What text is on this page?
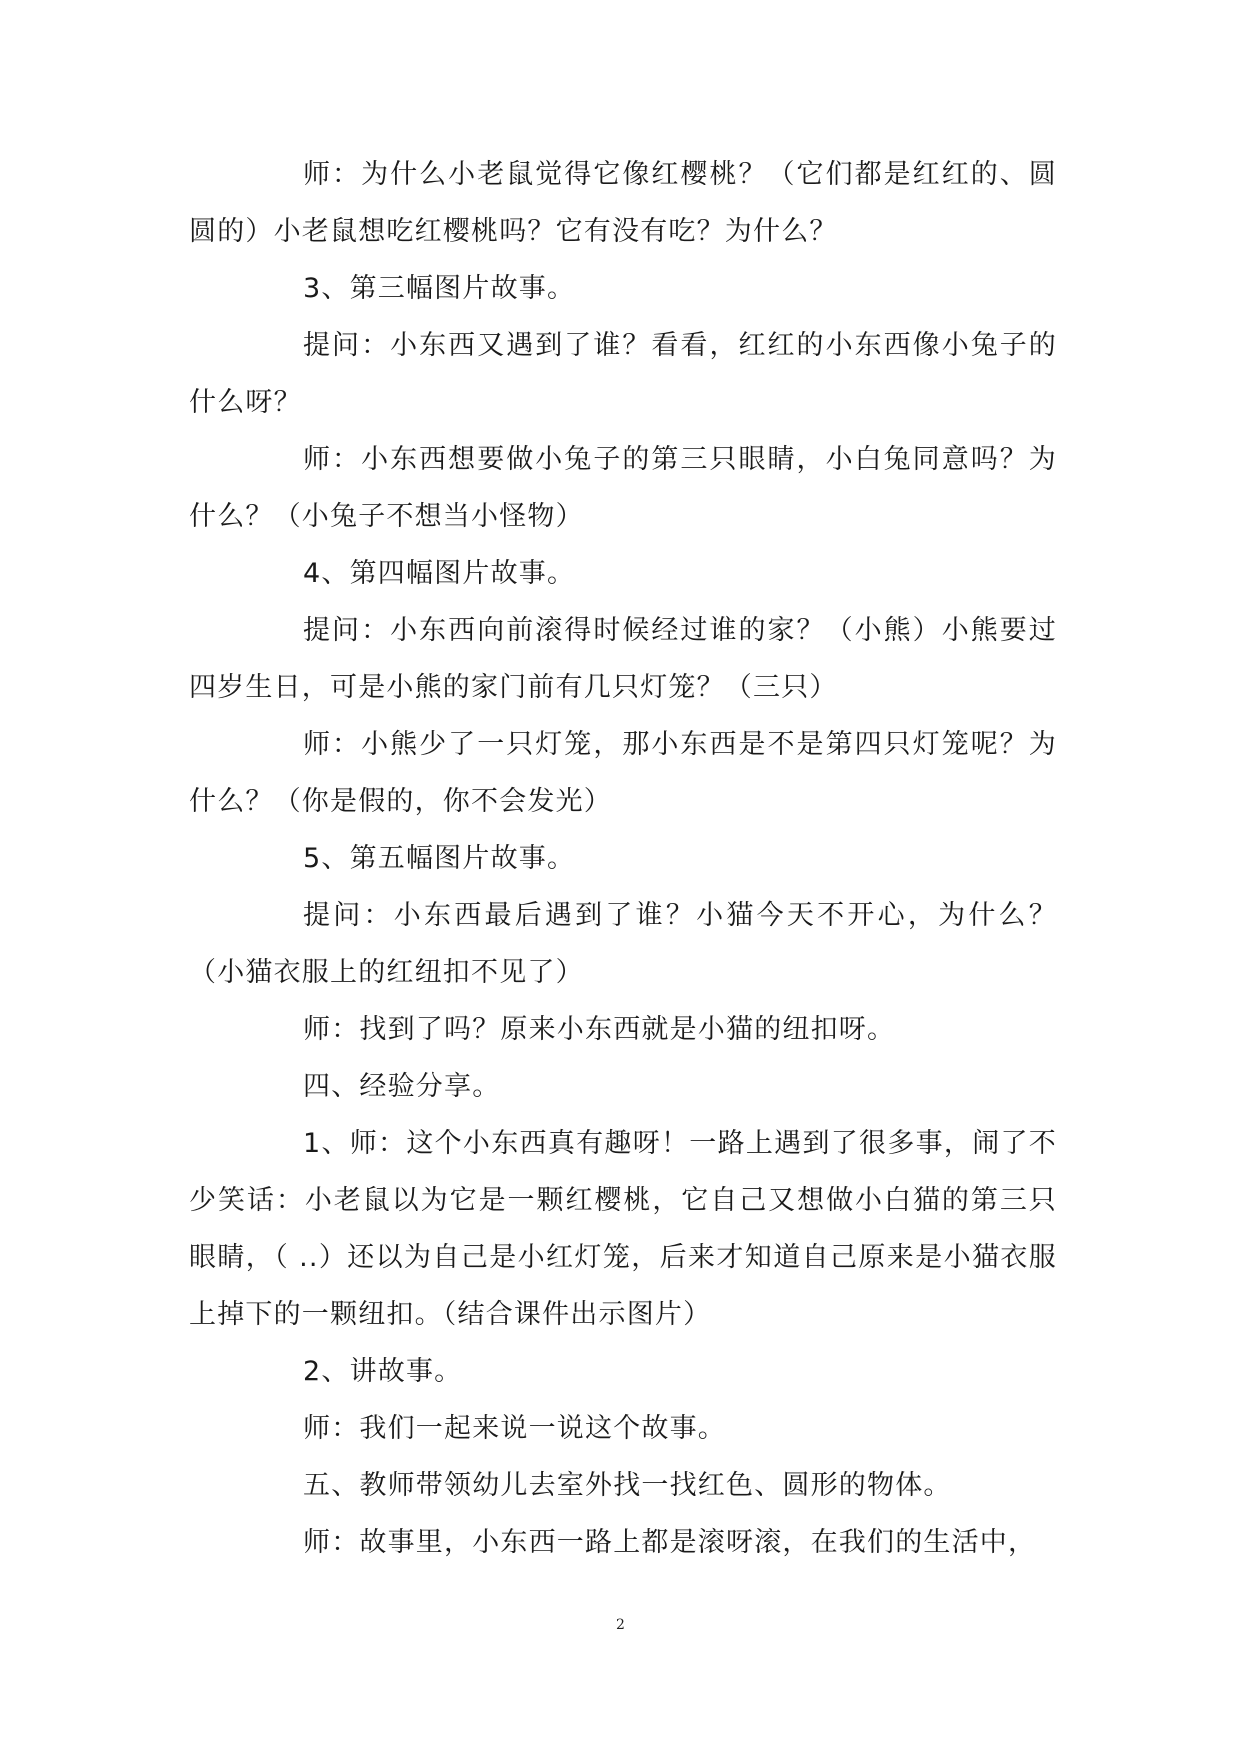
师：为什么小老鼠觉得它像红樱桃？（它们都是红红的、圆圆的）小老鼠想吃红樱桃吗？它有没有吃？为什么？

3、第三幅图片故事。

提问：小东西又遇到了谁？看看，红红的小东西像小兔子的什么呀？

师：小东西想要做小兔子的第三只眼睛，小白兔同意吗？为什么？（小兔子不想当小怪物）

4、第四幅图片故事。

提问：小东西向前滚得时候经过谁的家？（小熊）小熊要过四岁生日，可是小熊的家门前有几只灯笼？（三只）

师：小熊少了一只灯笼，那小东西是不是第四只灯笼呢？为什么？（你是假的，你不会发光）

5、第五幅图片故事。

提问：小东西最后遇到了谁？小猫今天不开心，为什么？（小猫衣服上的红纽扣不见了）

师：找到了吗？原来小东西就是小猫的纽扣呀。

四、经验分享。

1、师：这个小东西真有趣呀！一路上遇到了很多事，闹了不少笑话：小老鼠以为它是一颗红樱桃，它自己又想做小白猫的第三只眼睛，（ ..）还以为自己是小红灯笼，后来才知道自己原来是小猫衣服上掉下的一颗纽扣。（结合课件出示图片）

2、讲故事。

师：我们一起来说一说这个故事。

五、教师带领幼儿去室外找一找红色、圆形的物体。

师：故事里，小东西一路上都是滚呀滚，在我们的生活中，

2
